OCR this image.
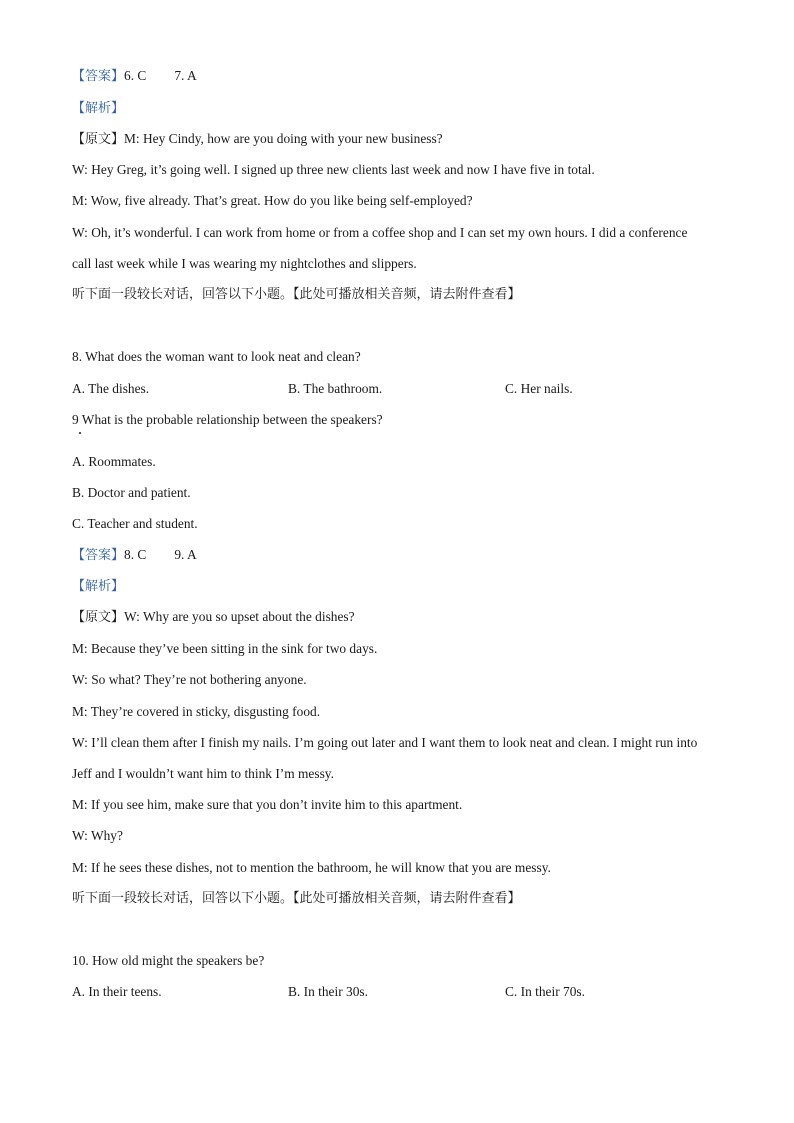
【答案】6. C 7. A
【解析】
【原文】M: Hey Cindy, how are you doing with your new business?
W: Hey Greg, it’s going well. I signed up three new clients last week and now I have five in total.
M: Wow, five already. That’s great. How do you like being self-employed?
W: Oh, it’s wonderful. I can work from home or from a coffee shop and I can set my own hours. I did a conference
call last week while I was wearing my nightclothes and slippers.
听下面一段较长对话，回答以下小题。【此处可播放相关音频，请去附件查看】
8. What does the woman want to look neat and clean?
A. The dishes.	B. The bathroom.	C. Her nails.
9 What is the probable relationship between the speakers?
A. Roommates.
B. Doctor and patient.
C. Teacher and student.
【答案】8. C 9. A
【解析】
【原文】W: Why are you so upset about the dishes?
M: Because they’ve been sitting in the sink for two days.
W: So what? They’re not bothering anyone.
M: They’re covered in sticky, disgusting food.
W: I’ll clean them after I finish my nails. I’m going out later and I want them to look neat and clean. I might run into
Jeff and I wouldn’t want him to think I’m messy.
M: If you see him, make sure that you don’t invite him to this apartment.
W: Why?
M: If he sees these dishes, not to mention the bathroom, he will know that you are messy.
听下面一段较长对话，回答以下小题。【此处可播放相关音频，请去附件查看】
10. How old might the speakers be?
A. In their teens.	B. In their 30s.	C. In their 70s.
